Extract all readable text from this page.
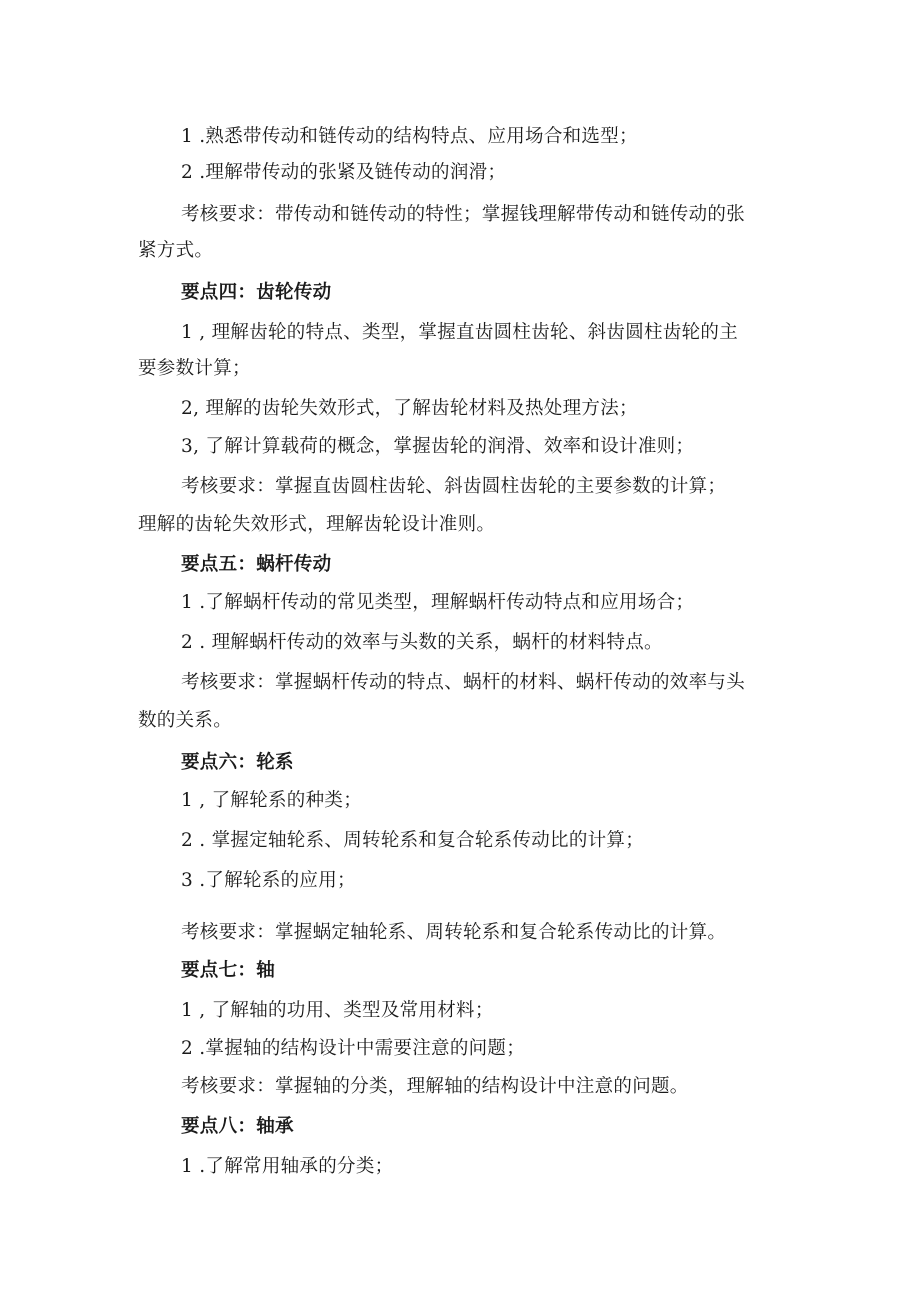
1 .熟悉带传动和链传动的结构特点、应用场合和选型；
2 .理解带传动的张紧及链传动的润滑；
考核要求：带传动和链传动的特性；掌握钱理解带传动和链传动的张
紧方式。
要点四：齿轮传动
1 , 理解齿轮的特点、类型，掌握直齿圆柱齿轮、斜齿圆柱齿轮的主
要参数计算；
2, 理解的齿轮失效形式，了解齿轮材料及热处理方法；
3, 了解计算载荷的概念，掌握齿轮的润滑、效率和设计准则；
考核要求：掌握直齿圆柱齿轮、斜齿圆柱齿轮的主要参数的计算；
理解的齿轮失效形式，理解齿轮设计准则。
要点五：蜗杆传动
1 .了解蜗杆传动的常见类型，理解蜗杆传动特点和应用场合；
2 . 理解蜗杆传动的效率与头数的关系，蜗杆的材料特点。
考核要求：掌握蜗杆传动的特点、蜗杆的材料、蜗杆传动的效率与头
数的关系。
要点六：轮系
1 , 了解轮系的种类；
2 . 掌握定轴轮系、周转轮系和复合轮系传动比的计算；
3 .了解轮系的应用；
考核要求：掌握蜗定轴轮系、周转轮系和复合轮系传动比的计算。
要点七：轴
1 , 了解轴的功用、类型及常用材料；
2 .掌握轴的结构设计中需要注意的问题；
考核要求：掌握轴的分类，理解轴的结构设计中注意的问题。
要点八：轴承
1 .了解常用轴承的分类；
